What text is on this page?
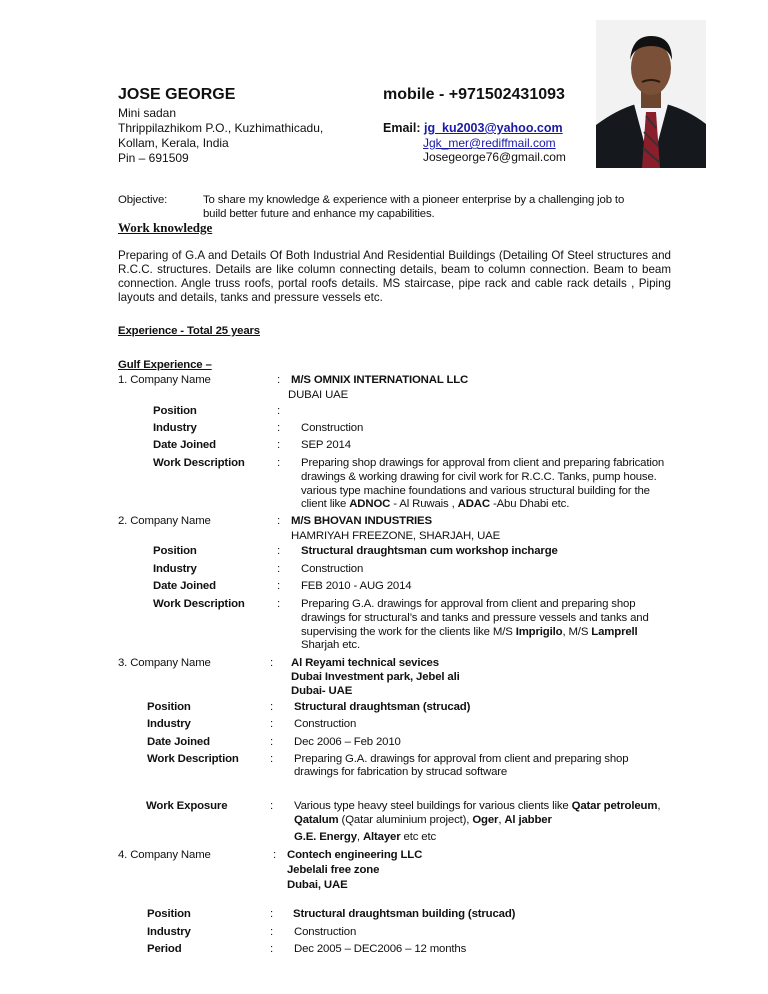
JOSE GEORGE
Mini sadan
Thrippilazhikom P.O., Kuzhimathicadu,
Kollam, Kerala, India
Pin – 691509
mobile - +971502431093
Email: jg_ku2003@yahoo.com
Jgk_mer@rediffmail.com
Josegeorge76@gmail.com
Objective:	To share my knowledge & experience with a pioneer enterprise by a challenging job to
build better future and enhance my capabilities.
Work knowledge
Preparing of G.A and Details Of Both Industrial And Residential Buildings (Detailing Of Steel structures and R.C.C. structures. Details are like column connecting details, beam to column connection. Beam to beam connection. Angle truss roofs, portal roofs details. MS staircase, pipe rack and cable rack details , Piping layouts and details, tanks and pressure vessels etc.
Experience - Total 25 years
Gulf Experience –
1. Company Name	: M/S OMNIX INTERNATIONAL LLC
DUBAI UAE
Position	:
Industry	: Construction
Date Joined	: SEP 2014
Work Description	: Preparing shop drawings for approval from client and preparing fabrication
drawings & working drawing for civil work for R.C.C. Tanks, pump house.
various type machine foundations and various structural building for the
client like ADNOC - Al Ruwais , ADAC -Abu Dhabi etc.
2. Company Name	: M/S BHOVAN INDUSTRIES
HAMRIYAH FREEZONE, SHARJAH, UAE
Position	: Structural draughtsman cum workshop incharge
Industry	: Construction
Date Joined	: FEB 2010 - AUG 2014
Work Description	: Preparing G.A. drawings for approval from client and preparing shop
drawings for structural’s and tanks and pressure vessels and tanks and
supervising the work for the clients like M/S Imprigilo, M/S Lamprell
Sharjah etc.
3. Company Name	: Al Reyami technical sevices
Dubai Investment park, Jebel ali
Dubai- UAE
Position	: Structural draughtsman (strucad)
Industry	: Construction
Date Joined	: Dec 2006 – Feb 2010
Work Description	: Preparing G.A. drawings for approval from client and preparing shop
drawings for fabrication by strucad software
Work Exposure	: Various type heavy steel buildings for various clients like Qatar petroleum,
Qatalum (Qatar aluminium project), Oger, Al jabber
G.E. Energy, Altayer etc etc
4. Company Name	: Contech engineering LLC
Jebelali free zone
Dubai, UAE
Position	: Structural draughtsman building (strucad)
Industry	: Construction
Period	: Dec 2005 – DEC2006 – 12 months
